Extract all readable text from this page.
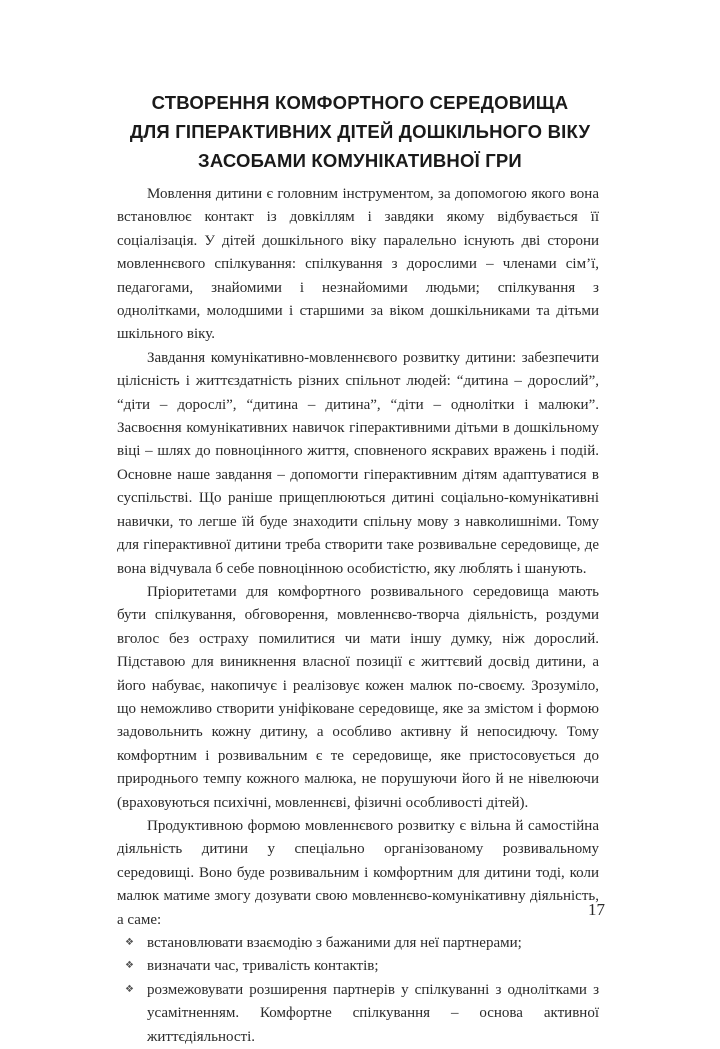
СТВОРЕННЯ КОМФОРТНОГО СЕРЕДОВИЩА
ДЛЯ ГІПЕРАКТИВНИХ ДІТЕЙ ДОШКІЛЬНОГО ВІКУ
ЗАСОБАМИ КОМУНІКАТИВНОЇ ГРИ

Мовлення дитини є головним інструментом, за допомогою якого вона встановлює контакт із довкіллям і завдяки якому відбувається її соціалізація. У дітей дошкільного віку паралельно існують дві сторони мовленнєвого спілкування: спілкування з дорослими – членами сім’ї, педагогами, знайомими і незнайомими людьми; спілкування з однолітками, молодшими і старшими за віком дошкільниками та дітьми шкільного віку.

Завдання комунікативно-мовленнєвого розвитку дитини: забезпечити цілісність і життєздатність різних спільнот людей: “дитина – дорослий”, “діти – дорослі”, “дитина – дитина”, “діти – однолітки і малюки”. Засвоєння комунікативних навичок гіперактивними дітьми в дошкільному віці – шлях до повноцінного життя, сповненого яскравих вражень і подій. Основне наше завдання – допомогти гіперактивним дітям адаптуватися в суспільстві. Що раніше прищеплюються дитині соціально-комунікативні навички, то легше їй буде знаходити спільну мову з навколишніми. Тому для гіперактивної дитини треба створити таке розвивальне середовище, де вона відчувала б себе повноцінною особистістю, яку люблять і шанують.

Пріоритетами для комфортного розвивального середовища мають бути спілкування, обговорення, мовленнєво-творча діяльність, роздуми вголос без остраху помилитися чи мати іншу думку, ніж дорослий. Підставою для виникнення власної позиції є життєвий досвід дитини, а його набуває, накопичує і реалізовує кожен малюк по-своєму. Зрозуміло, що неможливо створити уніфіковане середовище, яке за змістом і формою задовольнить кожну дитину, а особливо активну й непосидючу. Тому комфортним і розвивальним є те середовище, яке пристосовується до природнього темпу кожного малюка, не порушуючи його й не нівелюючи (враховуються психічні, мовленнєві, фізичні особливості дітей).

Продуктивною формою мовленнєвого розвитку є вільна й самостійна діяльність дитини у спеціально організованому розвивальному середовищі. Воно буде розвивальним і комфортним для дитини тоді, коли малюк матиме змогу дозувати свою мовленнєво-комунікативну діяльність, а саме:

❖ встановлювати взаємодію з бажаними для неї партнерами;
❖ визначати час, тривалість контактів;
❖ розмежовувати розширення партнерів у спілкуванні з однолітками з усамітненням. Комфортне спілкування – основа активної життєдіяльності.
17
